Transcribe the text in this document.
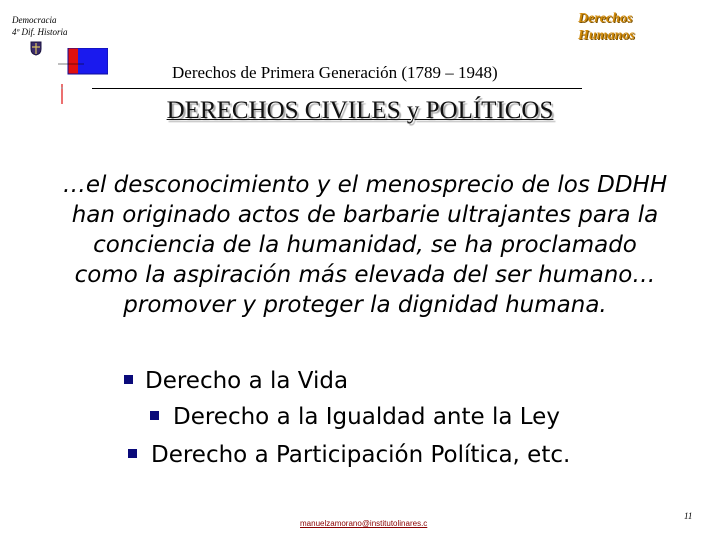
Democracia
4º Dif. Historia
Derechos
Humanos
Derechos de Primera Generación (1789 – 1948)
DERECHOS CIVILES y POLÍTICOS
…el desconocimiento y el menosprecio de los DDHH
han originado actos de barbarie ultrajantes para la
conciencia de la humanidad, se ha proclamado
como la aspiración más elevada del ser humano…
promover y proteger la dignidad humana.
Derecho a la Vida
Derecho a la Igualdad ante la Ley
Derecho a Participación Política, etc.
manuelzamorano@institutolinares.c
11
